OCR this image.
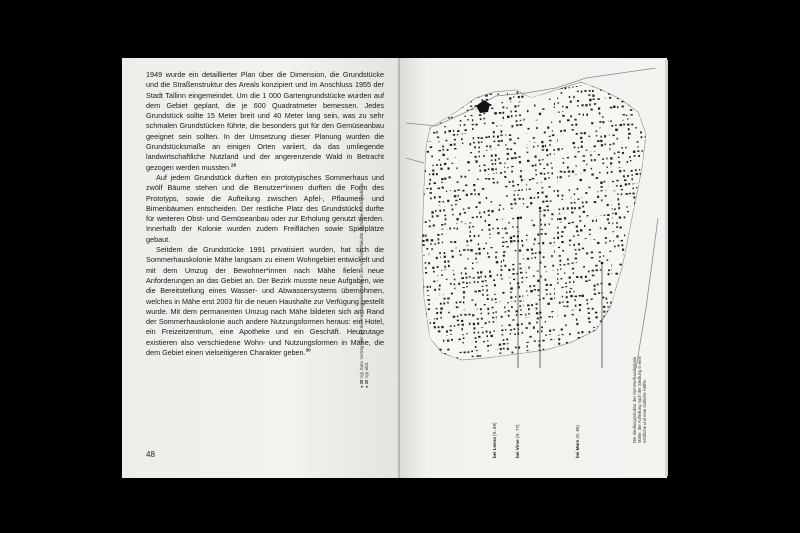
1949 wurde ein detaillierter Plan über die Dimension, die Grundstücke und die Straßenstruktur des Areals konzipiert und im Anschluss 1955 der Stadt Tallinn eingemeindet. Um die 1 000 Gartengrundstücke wurden auf dem Gebiet geplant, die je 600 Quadratmeter bemessen. Jedes Grundstück sollte 15 Meter breit und 40 Meter lang sein, was zu sehr schmalen Grundstücken führte, die besonders gut für den Gemüseanbau geeignet sein sollten. In der Umsetzung dieser Planung wurden die Grundstücksmaße an einigen Orten variiert, da das umliegende landwirtschaftliche Nutzland und der angerenzende Wald in Betracht gezogen werden mussten.$^{28}$

Auf jedem Grundstück durften ein prototypisches Sommerhaus und zwölf Bäume stehen und die Benutzer*innen durften die Form des Prototyps, sowie die Aufteilung zwischen Apfel-, Pflaumen- und Birnenbäumen entscheiden. Der restliche Platz des Grundstücks durfte für weiteren Obst- und Gemüseanbau oder zur Erholung genutzt werden. Innerhalb der Kolonie wurden zudem Freiflächen sowie Spielplätze gebaut.

Seitdem die Grundstücke 1991 privatisiert wurden, hat sich die Sommerhauskolonie Mähe langsam zu einem Wohngebiet entwickelt und mit dem Umzug der Bewohner*innen nach Mähe fielen neue Anforderungen an das Gebiet an. Der Bezirk musste neue Aufgaben, wie die Bereitstellung eines Wasser- und Abwassersystems übernehmen, welches in Mähe erst 2003 für die neuen Haushalte zur Verfügung gestellt wurde. Mit dem permanenten Umzug nach Mähe bildeten sich am Rand der Sommerhauskolonie auch andere Nutzungsformen heraus: ein Hotel, ein Freizeitzentrum, eine Apotheke und ein Geschäft. Heutzutage existieren also verschiedene Wohn- und Nutzungsformen in Mähe, die dem Gebiet einen vielseitigeren Charakter geben.$^{30}$

● 29 Vgl. Sarv, Vortrag über die Sommerhauskolonie Mähe in der Architekturfakultät Estnische Kunstakademie.
● 30 Vgl. ebd.
48	bei Leena (S. 89)
bei Virve (S. 77)
bei Mare (S. 65)	Die Siedlungsstruktur der Sommerhauskolonie Mähe: der Aufteilung nach der Siedlung in eine nördliche und eine südliche Hälfte.
